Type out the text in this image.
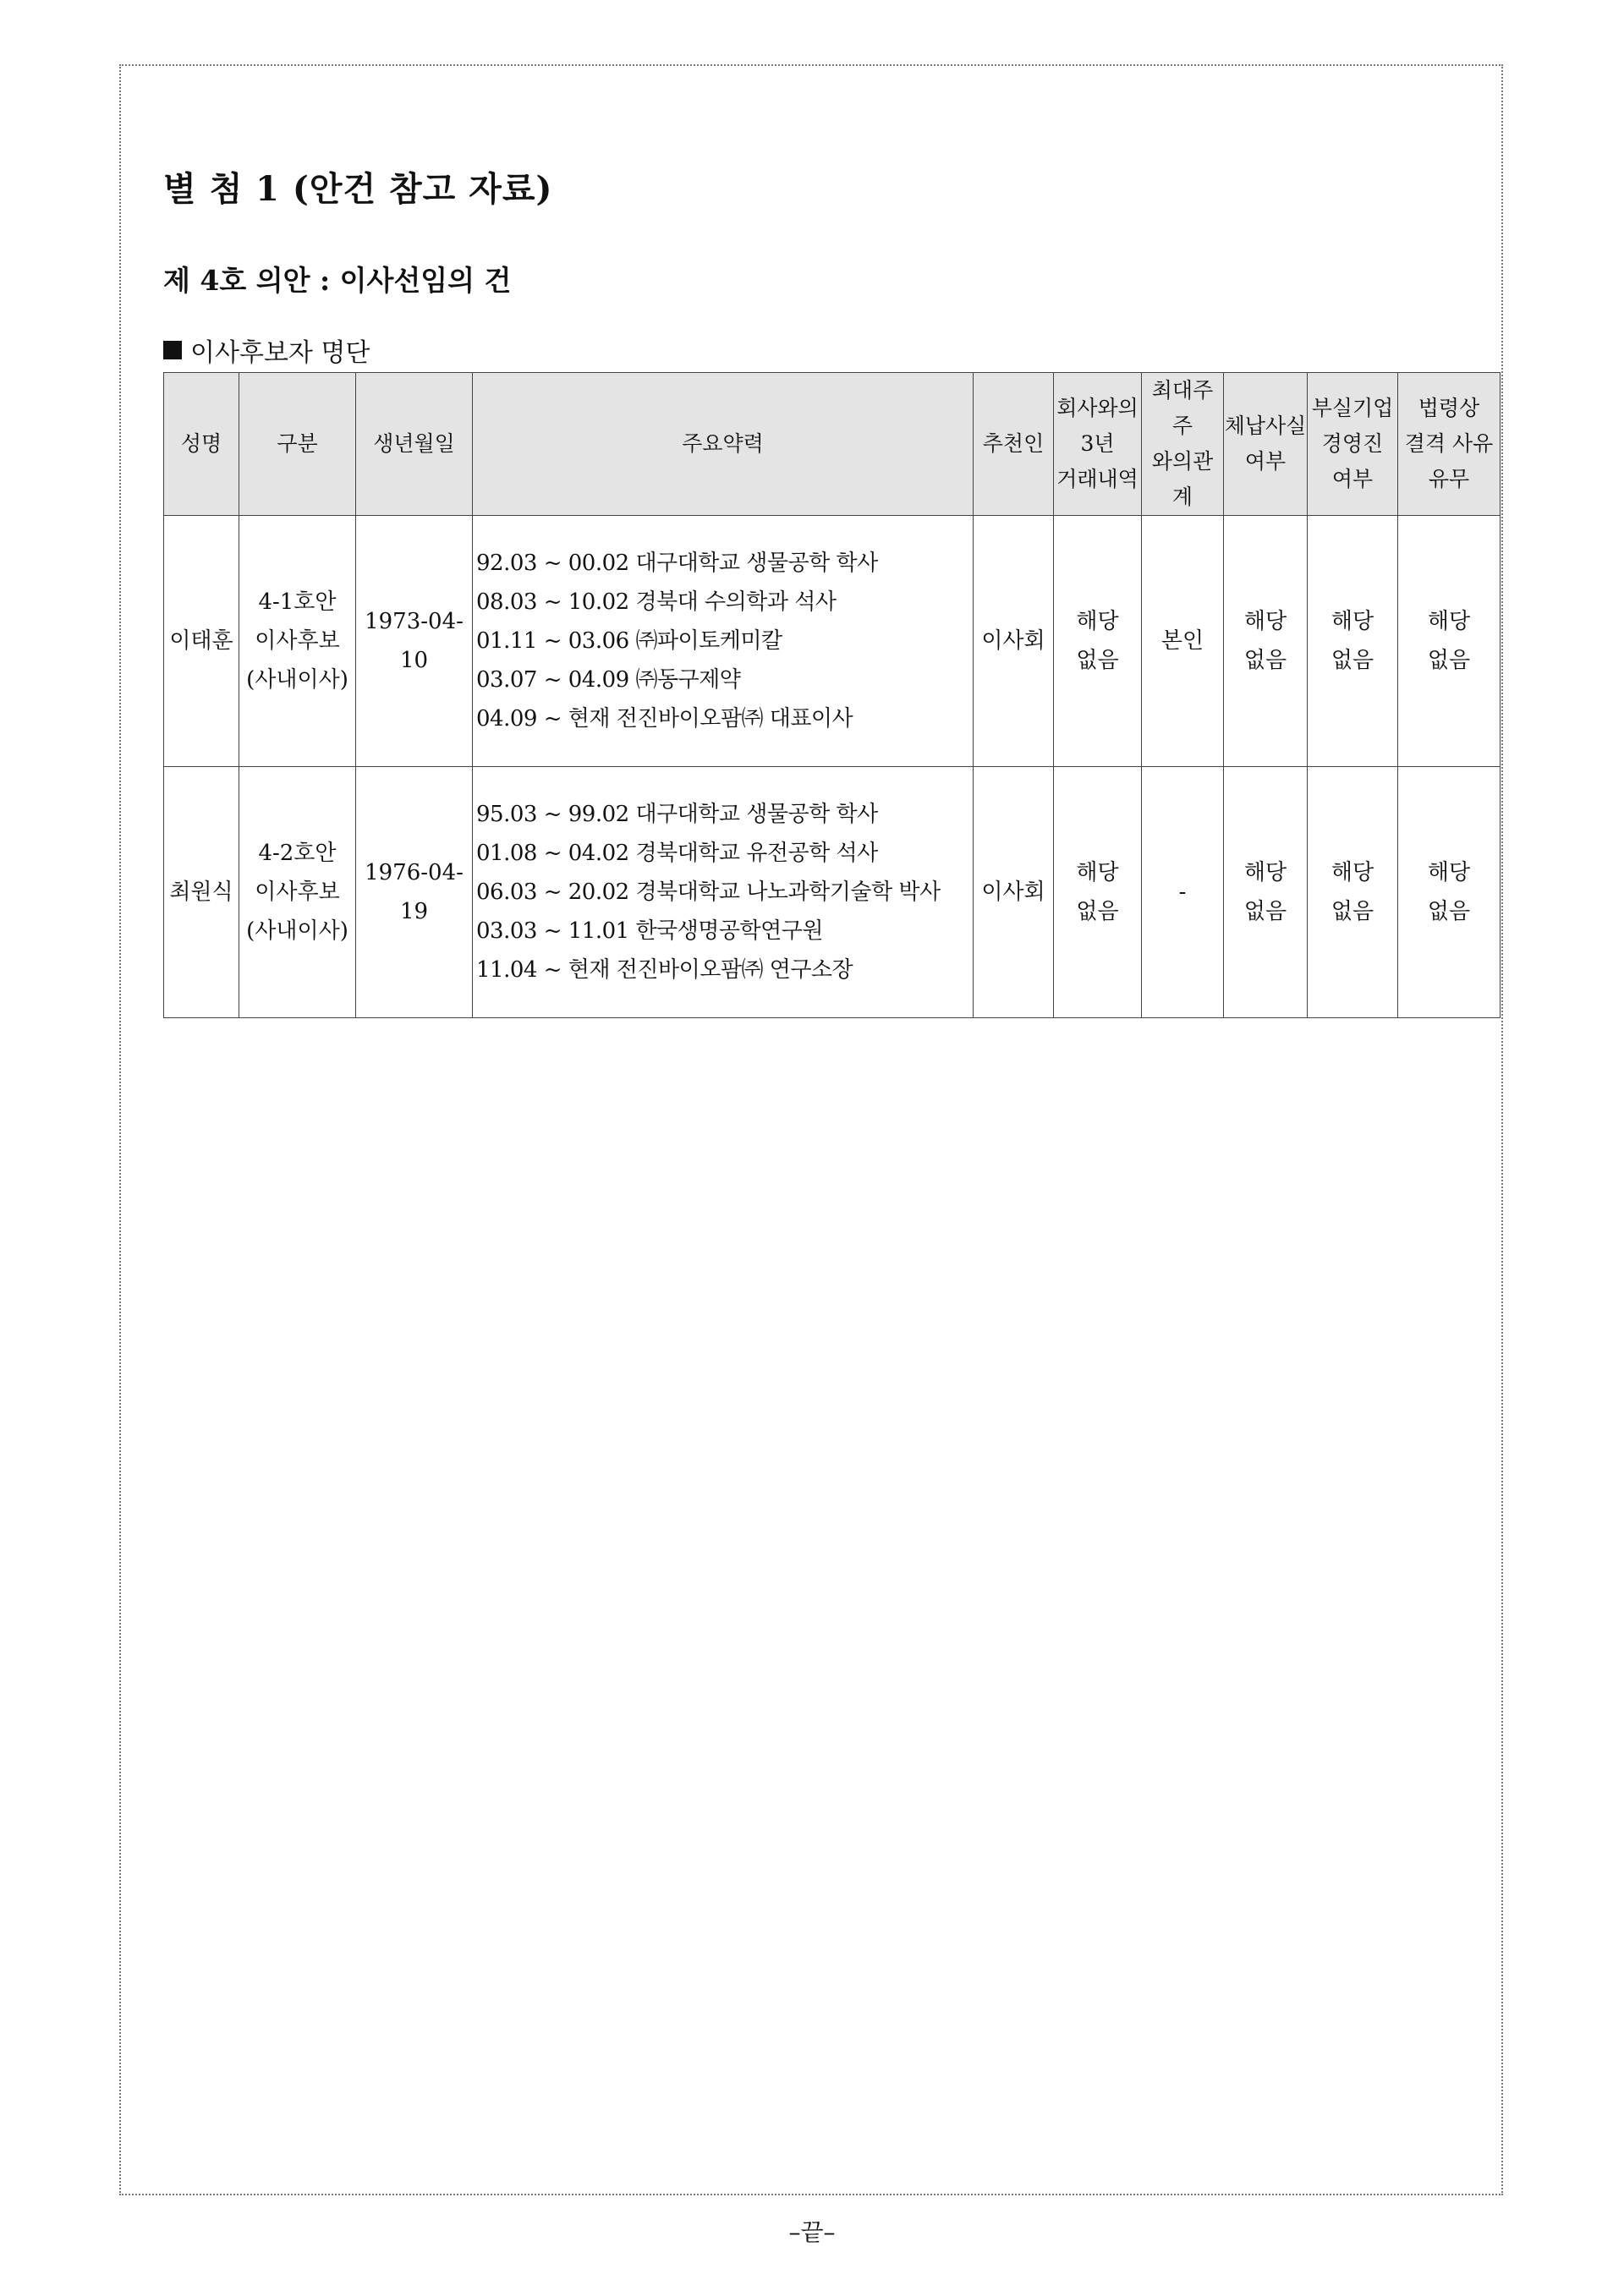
별 첨 1 (안건 참고 자료)
제 4호 의안 : 이사선임의 건
이사후보자 명단
성명	구분	생년월일	주요약력	추천인	회사와의
3년
거래내역	최대주주
와의관계	체납사실
여부	부실기업
경영진
여부	법령상
결격 사유
유무

이태훈	4-1호안
이사후보
(사내이사)	1973-04-10	92.03 ~ 00.02 대구대학교 생물공학 학사
08.03 ~ 10.02 경북대 수의학과 석사
01.11 ~ 03.06 ㈜파이토케미칼
03.07 ~ 04.09 ㈜동구제약
04.09 ~ 현재 전진바이오팜㈜ 대표이사	이사회	해당
없음	본인	해당
없음	해당
없음	해당
없음

최원식	4-2호안
이사후보
(사내이사)	1976-04-19	95.03 ~ 99.02 대구대학교 생물공학 학사
01.08 ~ 04.02 경북대학교 유전공학 석사
06.03 ~ 20.02 경북대학교 나노과학기술학 박사
03.03 ~ 11.01 한국생명공학연구원
11.04 ~ 현재 전진바이오팜㈜ 연구소장	이사회	해당
없음	-	해당
없음	해당
없음	해당
없음
–끝–
